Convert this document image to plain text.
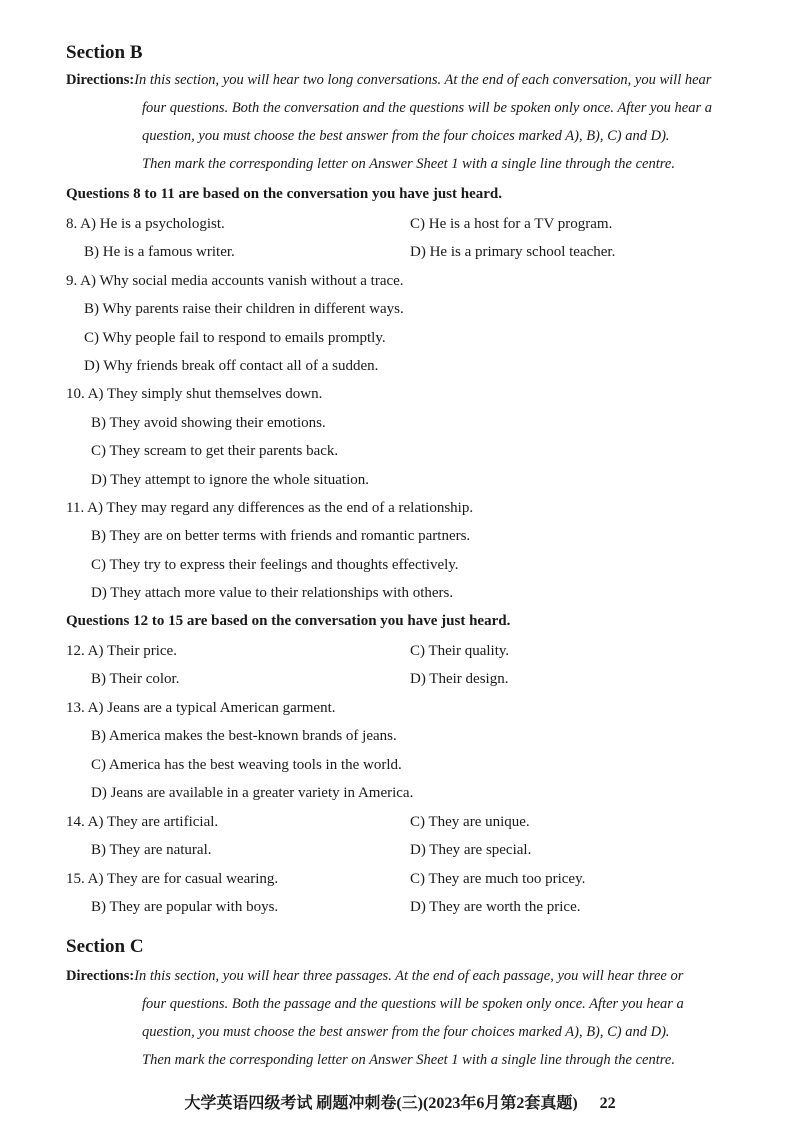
Section B
Directions:In this section, you will hear two long conversations. At the end of each conversation, you will hear
four questions. Both the conversation and the questions will be spoken only once. After you hear a
question, you must choose the best answer from the four choices marked A), B), C) and D).
Then mark the corresponding letter on Answer Sheet 1 with a single line through the centre.
Questions 8 to 11 are based on the conversation you have just heard.
8. A) He is a psychologist.	C) He is a host for a TV program.
B) He is a famous writer.	D) He is a primary school teacher.
9. A) Why social media accounts vanish without a trace.
B) Why parents raise their children in different ways.
C) Why people fail to respond to emails promptly.
D) Why friends break off contact all of a sudden.
10. A) They simply shut themselves down.
B) They avoid showing their emotions.
C) They scream to get their parents back.
D) They attempt to ignore the whole situation.
11. A) They may regard any differences as the end of a relationship.
B) They are on better terms with friends and romantic partners.
C) They try to express their feelings and thoughts effectively.
D) They attach more value to their relationships with others.
Questions 12 to 15 are based on the conversation you have just heard.
12. A) Their price.	C) Their quality.
B) Their color.	D) Their design.
13. A) Jeans are a typical American garment.
B) America makes the best-known brands of jeans.
C) America has the best weaving tools in the world.
D) Jeans are available in a greater variety in America.
14. A) They are artificial.	C) They are unique.
B) They are natural.	D) They are special.
15. A) They are for casual wearing.	C) They are much too pricey.
B) They are popular with boys.	D) They are worth the price.
Section C
Directions:In this section, you will hear three passages. At the end of each passage, you will hear three or
four questions. Both the passage and the questions will be spoken only once. After you hear a
question, you must choose the best answer from the four choices marked A), B), C) and D).
Then mark the corresponding letter on Answer Sheet 1 with a single line through the centre.
大学英语四级考试 刷题冲刺卷(三)(2023年6月第2套真题) 22
